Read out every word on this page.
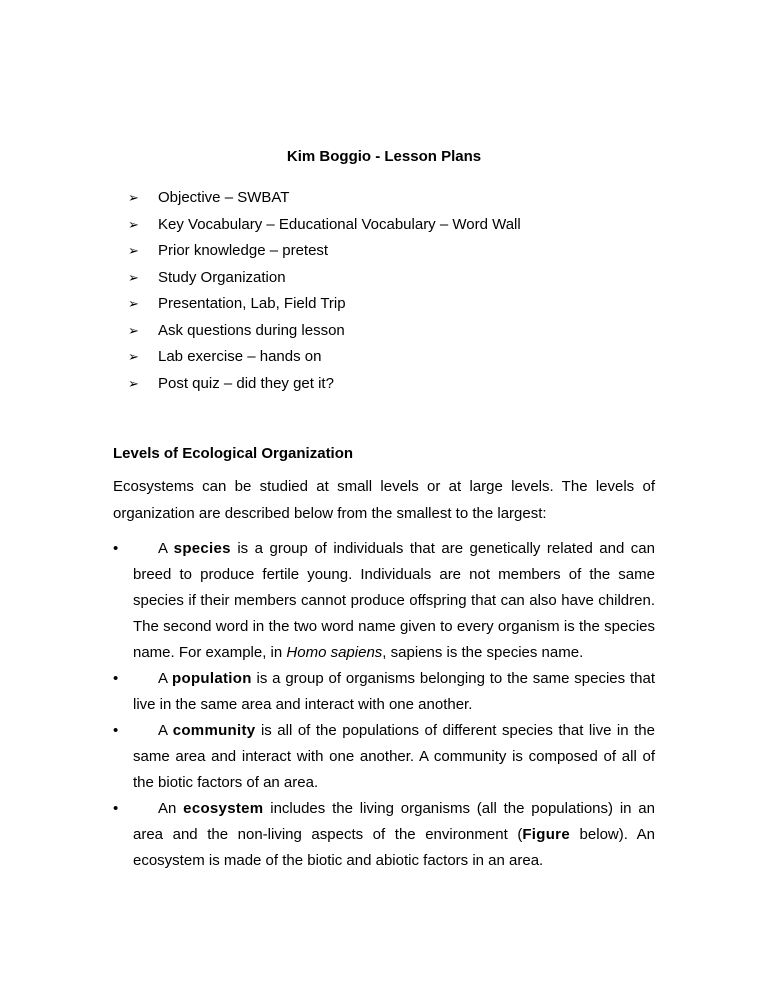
Kim Boggio - Lesson Plans
➢ Objective – SWBAT
➢ Key Vocabulary – Educational Vocabulary – Word Wall
➢ Prior knowledge – pretest
➢ Study Organization
➢ Presentation, Lab, Field Trip
➢ Ask questions during lesson
➢ Lab exercise – hands on
➢ Post quiz – did they get it?
Levels of Ecological Organization

Ecosystems can be studied at small levels or at large levels. The levels of organization are described below from the smallest to the largest:

•	A species is a group of individuals that are genetically related and can breed to produce fertile young. Individuals are not members of the same species if their members cannot produce offspring that can also have children. The second word in the two word name given to every organism is the species name. For example, in Homo sapiens, sapiens is the species name.
•	A population is a group of organisms belonging to the same species that live in the same area and interact with one another.
•	A community is all of the populations of different species that live in the same area and interact with one another. A community is composed of all of the biotic factors of an area.
•	An ecosystem includes the living organisms (all the populations) in an area and the non-living aspects of the environment (Figure below). An ecosystem is made of the biotic and abiotic factors in an area.
